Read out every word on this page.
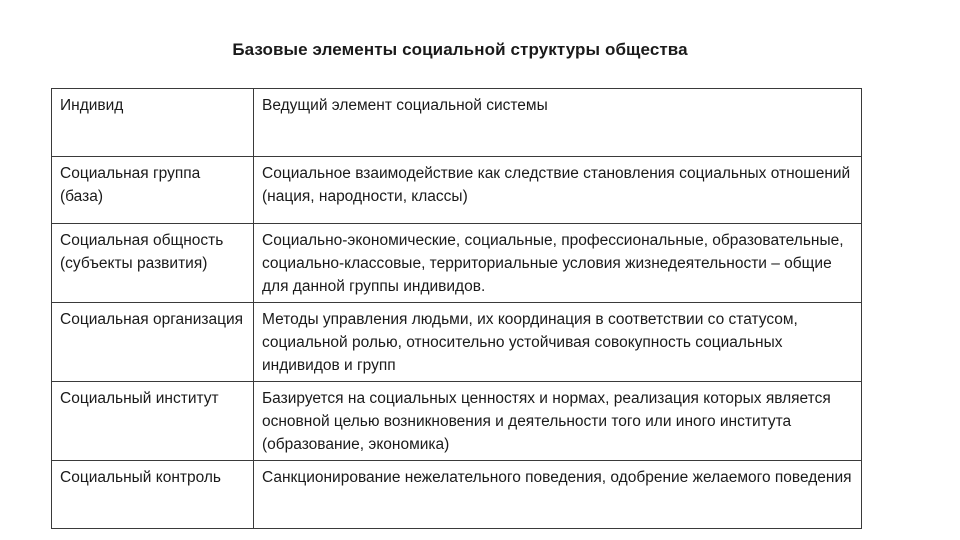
Базовые элементы социальной структуры общества
Индивид	Ведущий элемент социальной системы
Социальная группа (база)	Социальное взаимодействие как следствие становления социальных отношений (нация, народности, классы)
Социальная общность (субъекты развития)	Социально-экономические, социальные, профессиональные, образовательные, социально-классовые, территориальные условия жизнедеятельности – общие для данной группы индивидов.
Социальная организация	Методы управления людьми, их координация в соответствии со статусом, социальной ролью, относительно устойчивая совокупность социальных индивидов и групп
Социальный институт	Базируется на социальных ценностях и нормах, реализация которых является основной целью возникновения и деятельности того или иного института (образование, экономика)
Социальный контроль	Санкционирование нежелательного поведения, одобрение желаемого поведения
